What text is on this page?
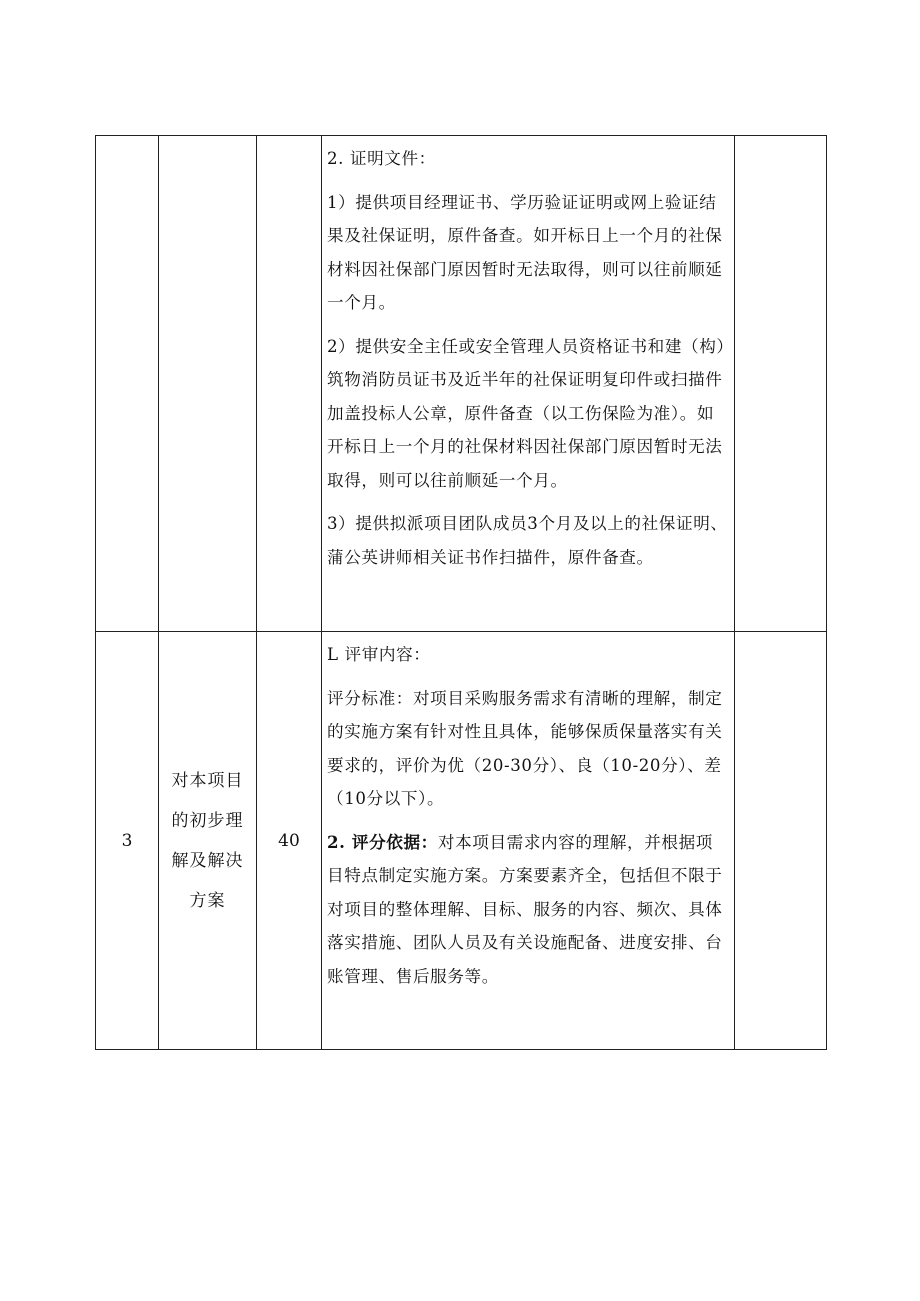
			2. 证明文件：

1）提供项目经理证书、学历验证证明或网上验证结果及社保证明，原件备查。如开标日上一个月的社保材料因社保部门原因暂时无法取得，则可以往前顺延一个月。

2）提供安全主任或安全管理人员资格证书和建（构）筑物消防员证书及近半年的社保证明复印件或扫描件加盖投标人公章，原件备查（以工伤保险为准）。如开标日上一个月的社保材料因社保部门原因暂时无法取得，则可以往前顺延一个月。

3）提供拟派项目团队成员3个月及以上的社保证明、蒲公英讲师相关证书作扫描件，原件备查。	

3	对本项目的初步理解及解决方案	40	L 评审内容：

评分标准：对项目采购服务需求有清晰的理解，制定的实施方案有针对性且具体，能够保质保量落实有关要求的，评价为优（20-30分）、良（10-20分）、差（10分以下）。

2. 评分依据：对本项目需求内容的理解，并根据项目特点制定实施方案。方案要素齐全，包括但不限于对项目的整体理解、目标、服务的内容、频次、具体落实措施、团队人员及有关设施配备、进度安排、台账管理、售后服务等。	
